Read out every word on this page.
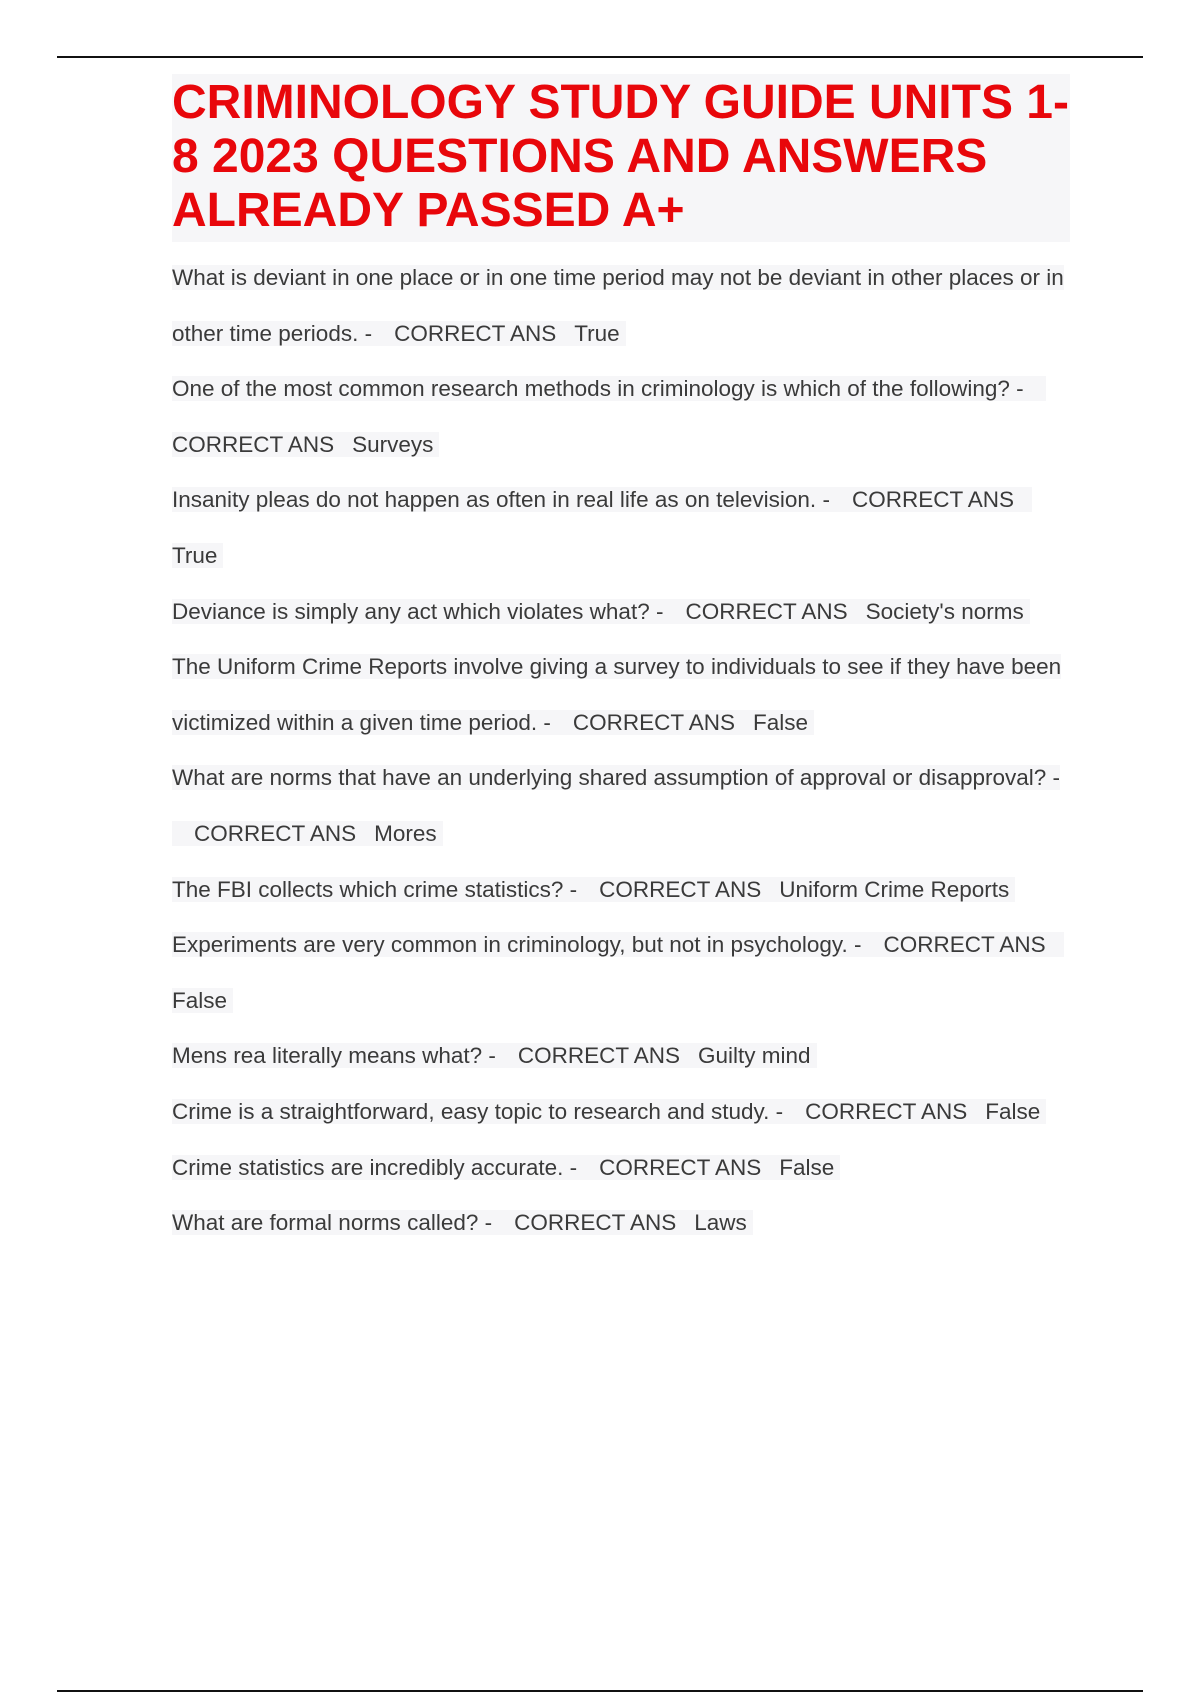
CRIMINOLOGY STUDY GUIDE UNITS 1-8 2023 QUESTIONS AND ANSWERS ALREADY PASSED A+

What is deviant in one place or in one time period may not be deviant in other places or in other time periods. - CORRECT ANS True

One of the most common research methods in criminology is which of the following? -CORRECT ANS Surveys

Insanity pleas do not happen as often in real life as on television. - CORRECT ANSTrue

Deviance is simply any act which violates what? - CORRECT ANS Society's norms

The Uniform Crime Reports involve giving a survey to individuals to see if they have been victimized within a given time period. - CORRECT ANS False

What are norms that have an underlying shared assumption of approval or disapproval? -CORRECT ANS Mores

The FBI collects which crime statistics? - CORRECT ANS Uniform Crime Reports

Experiments are very common in criminology, but not in psychology. - CORRECT ANSFalse

Mens rea literally means what? - CORRECT ANS Guilty mind

Crime is a straightforward, easy topic to research and study. - CORRECT ANS False

Crime statistics are incredibly accurate. - CORRECT ANS False

What are formal norms called? - CORRECT ANS Laws
